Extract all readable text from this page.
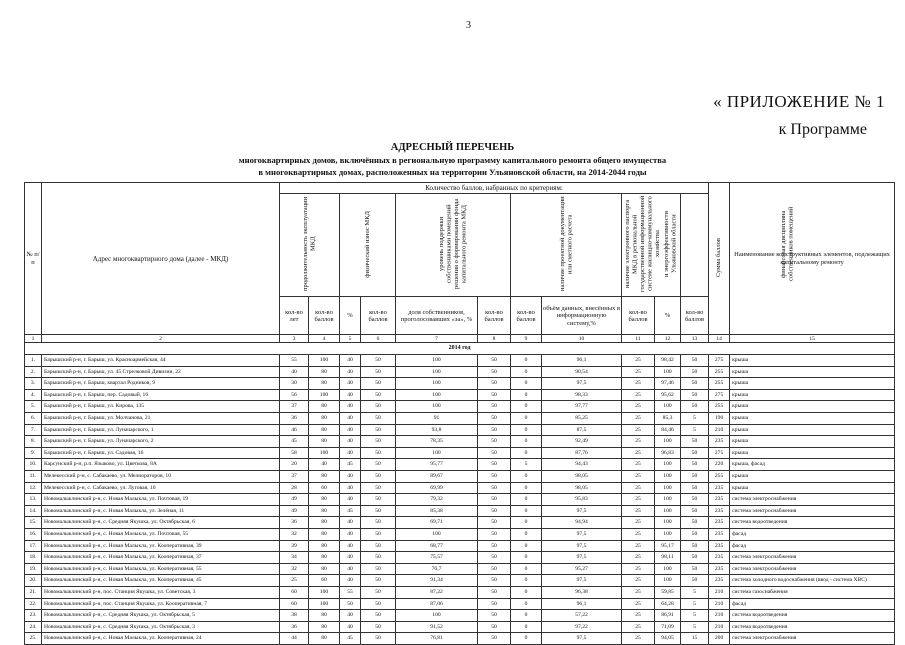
3
« ПРИЛОЖЕНИЕ № 1
к Программе
АДРЕСНЫЙ ПЕРЕЧЕНЬ
многоквартирных домов, включённых в региональную программу капитального ремонта общего имущества
в многоквартирных домах, расположенных на территории Ульяновской области, на 2014-2044 годы
№ п/п	Адрес многоквартирного дома (далее - МКД)	Количество баллов, набранных по критериям:											Сумма баллов	Наименование конструктивных элементов, подлежащих капитальному ремонту
		продолжительность эксплуатации МКД		физический износ МКД		уровень поддержки собственниками помещений решения о формировании фонда капитального ремонта МКД		наличие проектной документации или сметного расчета		наличие электронного паспорта МКД в региональной государственной информационной системе жилищно-коммунального хозяйства и энергоэффективности Ульяновской области		финансовая дисциплина собственников помещений		
		кол-во лет	кол-во баллов	%	кол-во баллов	доля собственников, проголосовавших «за», %	кол-во баллов	кол-во баллов	объём данных, внесённых в информационную систему,%	кол-во баллов	%	кол-во баллов		
1	2	3	4	5	6	7	8	9	10	11	12	13	14	15
2014 год														
1.	Барышский р-н, г. Барыш, ул. Красноармейская, 44	55	100	40	50	100	50	0	96,1	25	98,42	50	275	крыша
2.	Барышский р-н, г. Барыш, ул. 45 Стрелковой Дивизии, 22	40	80	40	50	100	50	0	90,54	25	100	50	255	крыша
3.	Барышский р-н, г. Барыш, квартал Родников, 9	30	80	40	50	100	50	0	97,5	25	97,46	50	255	крыша
4.	Барышский р-н, г. Барыш, пер. Садовый, 16	56	100	40	50	100	50	0	98,33	25	95,62	50	275	крыша
5.	Барышский р-н, г. Барыш, ул. Кирова, 135	37	80	40	50	100	50	0	97,77	25	100	50	255	крыша
6.	Барышский р-н, г. Барыш, ул. Молчанова, 21	36	80	40	50	91	50	0	85,25	25	85,3	5	190	крыша
7.	Барышский р-н, г. Барыш, ул. Луначарского, 1	46	80	40	50	93,8	50	0	87,5	25	84,46	5	210	крыша
8.	Барышский р-н, г. Барыш, ул. Луначарского, 2	45	80	40	50	78,35	50	0	92,49	25	100	50	235	крыша
9.	Барышский р-н, г. Барыш, ул. Садовая, 16	58	100	40	50	100	50	0	87,76	25	96,83	50	275	крыша
10.	Карсунский р-н, р.п. Языково, ул. Цветкова, 8А	20	40	45	50	95,77	50	5	94,43	25	100	50	220	крыша, фасад
11.	Мелекесский р-н, с. Сабакаево, ул. Мелиораторов, 10	37	80	40	50	89,67	50	0	98,05	25	100	50	255	крыша
12.	Мелекесский р-н, с. Сабакаево, ул. Луговая, 10	28	60	40	50	69,99	50	0	98,05	25	100	50	235	крыша
13.	Новомалыклинский р-н, с. Новая Малыкла, ул. Почтовая, 19	49	80	40	50	79,32	50	0	95,83	25	100	50	235	система электроснабжения
14.	Новомалыклинский р-н, с. Новая Малыкла, ул. Зелёная, 11	49	80	45	50	85,38	50	0	97,5	25	100	50	235	система электроснабжения
15.	Новомалыклинский р-н, с. Средняя Якушка, ул. Октябрьская, 6	36	80	40	50	69,71	50	0	94,94	25	100	50	235	система водоотведения
16.	Новомалыклинский р-н, с. Новая Малыкла, ул. Почтовая, 55	32	80	40	50	100	50	0	97,5	25	100	50	235	фасад
17.	Новомалыклинский р-н, с. Новая Малыкла, ул. Кооперативная, 39	39	80	40	50	68,77	50	0	97,5	25	95,17	50	235	фасад
18.	Новомалыклинский р-н, с. Новая Малыкла, ул. Кооперативная, 37	34	80	40	50	75,57	50	0	97,5	25	98,11	50	235	система электроснабжения
19.	Новомалыклинский р-н, с. Новая Малыкла, ул. Кооперативная, 55	32	80	40	50	76,7	50	0	95,27	25	100	50	235	система электроснабжения
20.	Новомалыклинский р-н, с. Новая Малыкла, ул. Кооперативная, 45	25	60	40	50	91,34	50	0	97,5	25	100	50	235	система холодного водоснабжения (ввод - система ХВС)
21.	Новомалыклинский р-н, пос. Станция Якушка, ул. Советская, 3	60	100	55	50	87,22	50	0	96,38	25	59,85	5	210	система газоснабжения
22.	Новомалыклинский р-н, пос. Станция Якушка, ул. Кооперативная, 7	60	100	50	50	87,06	50	0	96,1	25	64,28	5	210	фасад
23.	Новомалыклинский р-н, с. Средняя Якушка, ул. Октябрьская, 5	38	80	40	50	100	50	0	57,22	25	86,91	5	210	система водоотведения
24.	Новомалыклинский р-н, с. Средняя Якушка, ул. Октябрьская, 3	36	80	40	50	91,52	50	0	97,22	25	71,09	5	210	система водоотведения
25.	Новомалыклинский р-н, с. Новая Малыкла, ул. Кооперативная, 24	44	80	45	50	76,81	50	0	97,5	25	94,05	15	200	система электроснабжения
